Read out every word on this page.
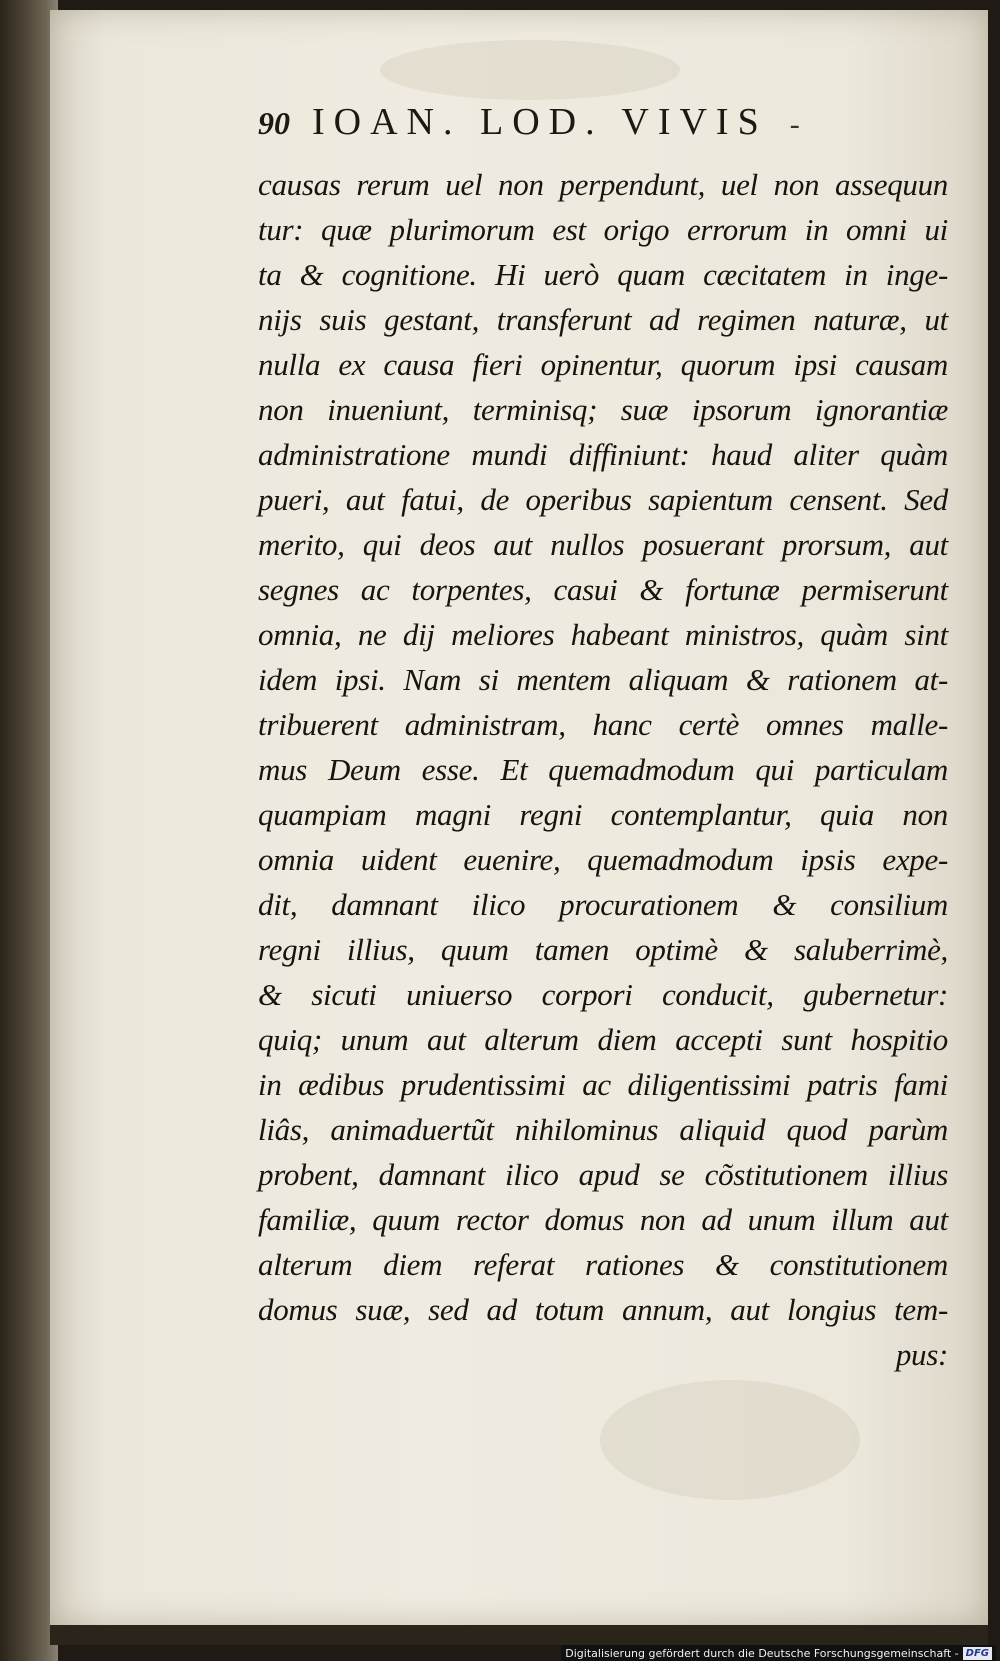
90 IOAN. LOD. VIVIS -
causas rerum uel non perpendunt, uel non assequun
tur: quæ plurimorum est origo errorum in omni ui
ta & cognitione. Hi uerò quam cæcitatem in inge-
nijs suis gestant, transferunt ad regimen naturæ, ut
nulla ex causa fieri opinentur, quorum ipsi causam
non inueniunt, terminisq; suæ ipsorum ignorantiæ
administratione mundi diffiniunt: haud aliter quàm
pueri, aut fatui, de operibus sapientum censent. Sed
merito, qui deos aut nullos posuerant prorsum, aut
segnes ac torpentes, casui & fortunæ permiserunt
omnia, ne dij meliores habeant ministros, quàm sint
idem ipsi. Nam si mentem aliquam & rationem at-
tribuerent administram, hanc certè omnes malle-
mus Deum esse. Et quemadmodum qui particulam
quampiam magni regni contemplantur, quia non
omnia uident euenire, quemadmodum ipsis expe-
dit, damnant ilico procurationem & consilium
regni illius, quum tamen optimè & saluberrimè,
& sicuti uniuerso corpori conducit, gubernetur:
quiq; unum aut alterum diem accepti sunt hospitio
in ædibus prudentissimi ac diligentissimi patris fami
liâs, animaduertũt nihilominus aliquid quod parùm
probent, damnant ilico apud se cõstitutionem illius
familiæ, quum rector domus non ad unum illum aut
alterum diem referat rationes & constitutionem
domus suæ, sed ad totum annum, aut longius tem-
pus:
Digitalisierung gefördert durch die Deutsche Forschungsgemeinschaft - DFG
